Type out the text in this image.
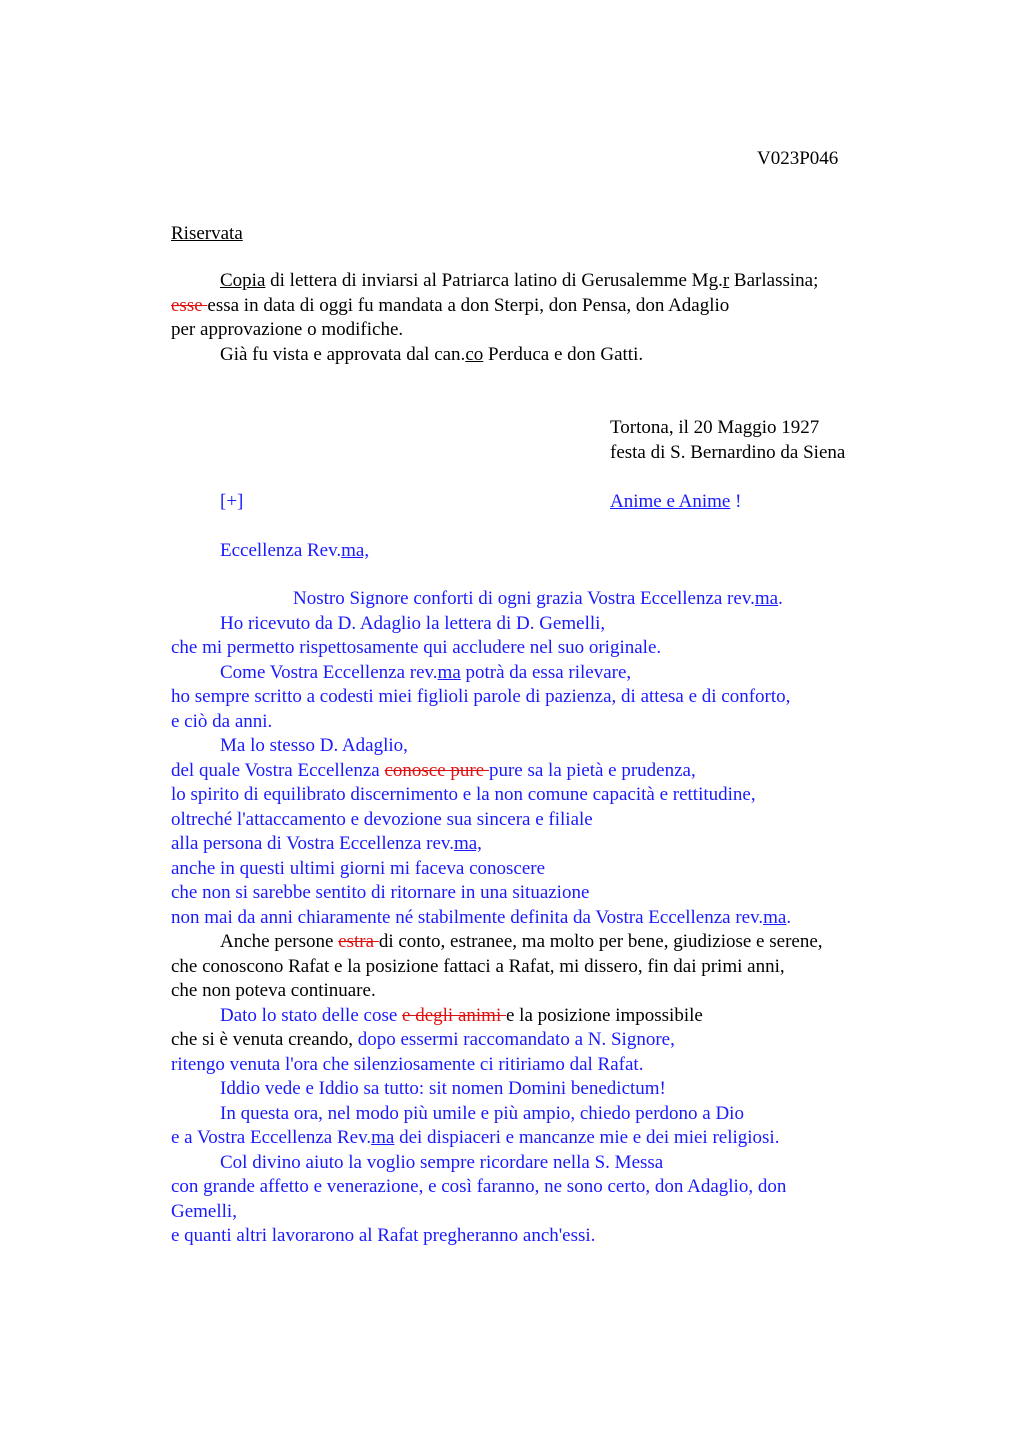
V023P046
Riservata
Copia di lettera di inviarsi al Patriarca latino di Gerusalemme Mg.r Barlassina;
esse essa in data di oggi fu mandata a don Sterpi, don Pensa, don Adaglio
per approvazione o modifiche.
Già fu vista e approvata dal can.co Perduca e don Gatti.
Tortona, il 20 Maggio 1927
festa di S. Bernardino da Siena
[+]	Anime e Anime !
Eccellenza Rev.ma,
Nostro Signore conforti di ogni grazia Vostra Eccellenza rev.ma.
Ho ricevuto da D. Adaglio la lettera di D. Gemelli,
che mi permetto rispettosamente qui accludere nel suo originale.
Come Vostra Eccellenza rev.ma potrà da essa rilevare,
ho sempre scritto a codesti miei figlioli parole di pazienza, di attesa e di conforto,
e ciò da anni.
Ma lo stesso D. Adaglio,
del quale Vostra Eccellenza conosce pure pure sa la pietà e prudenza,
lo spirito di equilibrato discernimento e la non comune capacità e rettitudine,
oltreché l'attaccamento e devozione sua sincera e filiale
alla persona di Vostra Eccellenza rev.ma,
anche in questi ultimi giorni mi faceva conoscere
che non si sarebbe sentito di ritornare in una situazione
non mai da anni chiaramente né stabilmente definita da Vostra Eccellenza rev.ma.
Anche persone estra di conto, estranee, ma molto per bene, giudiziose e serene,
che conoscono Rafat e la posizione fattaci a Rafat, mi dissero, fin dai primi anni,
che non poteva continuare.
Dato lo stato delle cose e degli animi e la posizione impossibile
che si è venuta creando, dopo essermi raccomandato a N. Signore,
ritengo venuta l'ora che silenziosamente ci ritiriamo dal Rafat.
Iddio vede e Iddio sa tutto: sit nomen Domini benedictum!
In questa ora, nel modo più umile e più ampio, chiedo perdono a Dio
e a Vostra Eccellenza Rev.ma dei dispiaceri e mancanze mie e dei miei religiosi.
Col divino aiuto la voglio sempre ricordare nella S. Messa
con grande affetto e venerazione, e così faranno, ne sono certo, don Adaglio, don
Gemelli,
e quanti altri lavorarono al Rafat pregheranno anch'essi.
